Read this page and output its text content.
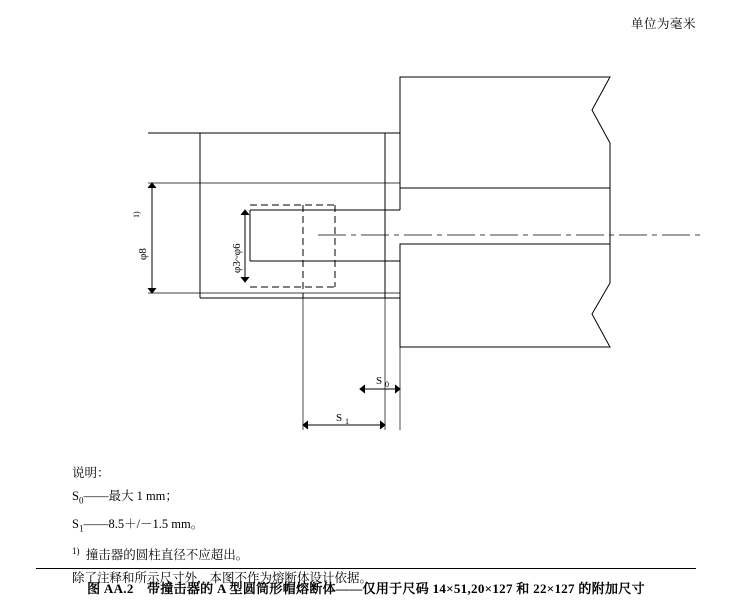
单位为毫米
φ8
1)
φ3~φ6
S 0
S 1
说明：
$S_0——$最大 1 mm；
$S_1——8.5+/-1.5$ mm。
$^{1)}$ 撞击器的圆柱直径不应超出。
除了注释和所示尺寸外，本图不作为熔断体设计依据。
图 AA.2　带撞击器的 A 型圆筒形帽熔断体——仅用于尺码 14×51,20×127 和 22×127 的附加尺寸
